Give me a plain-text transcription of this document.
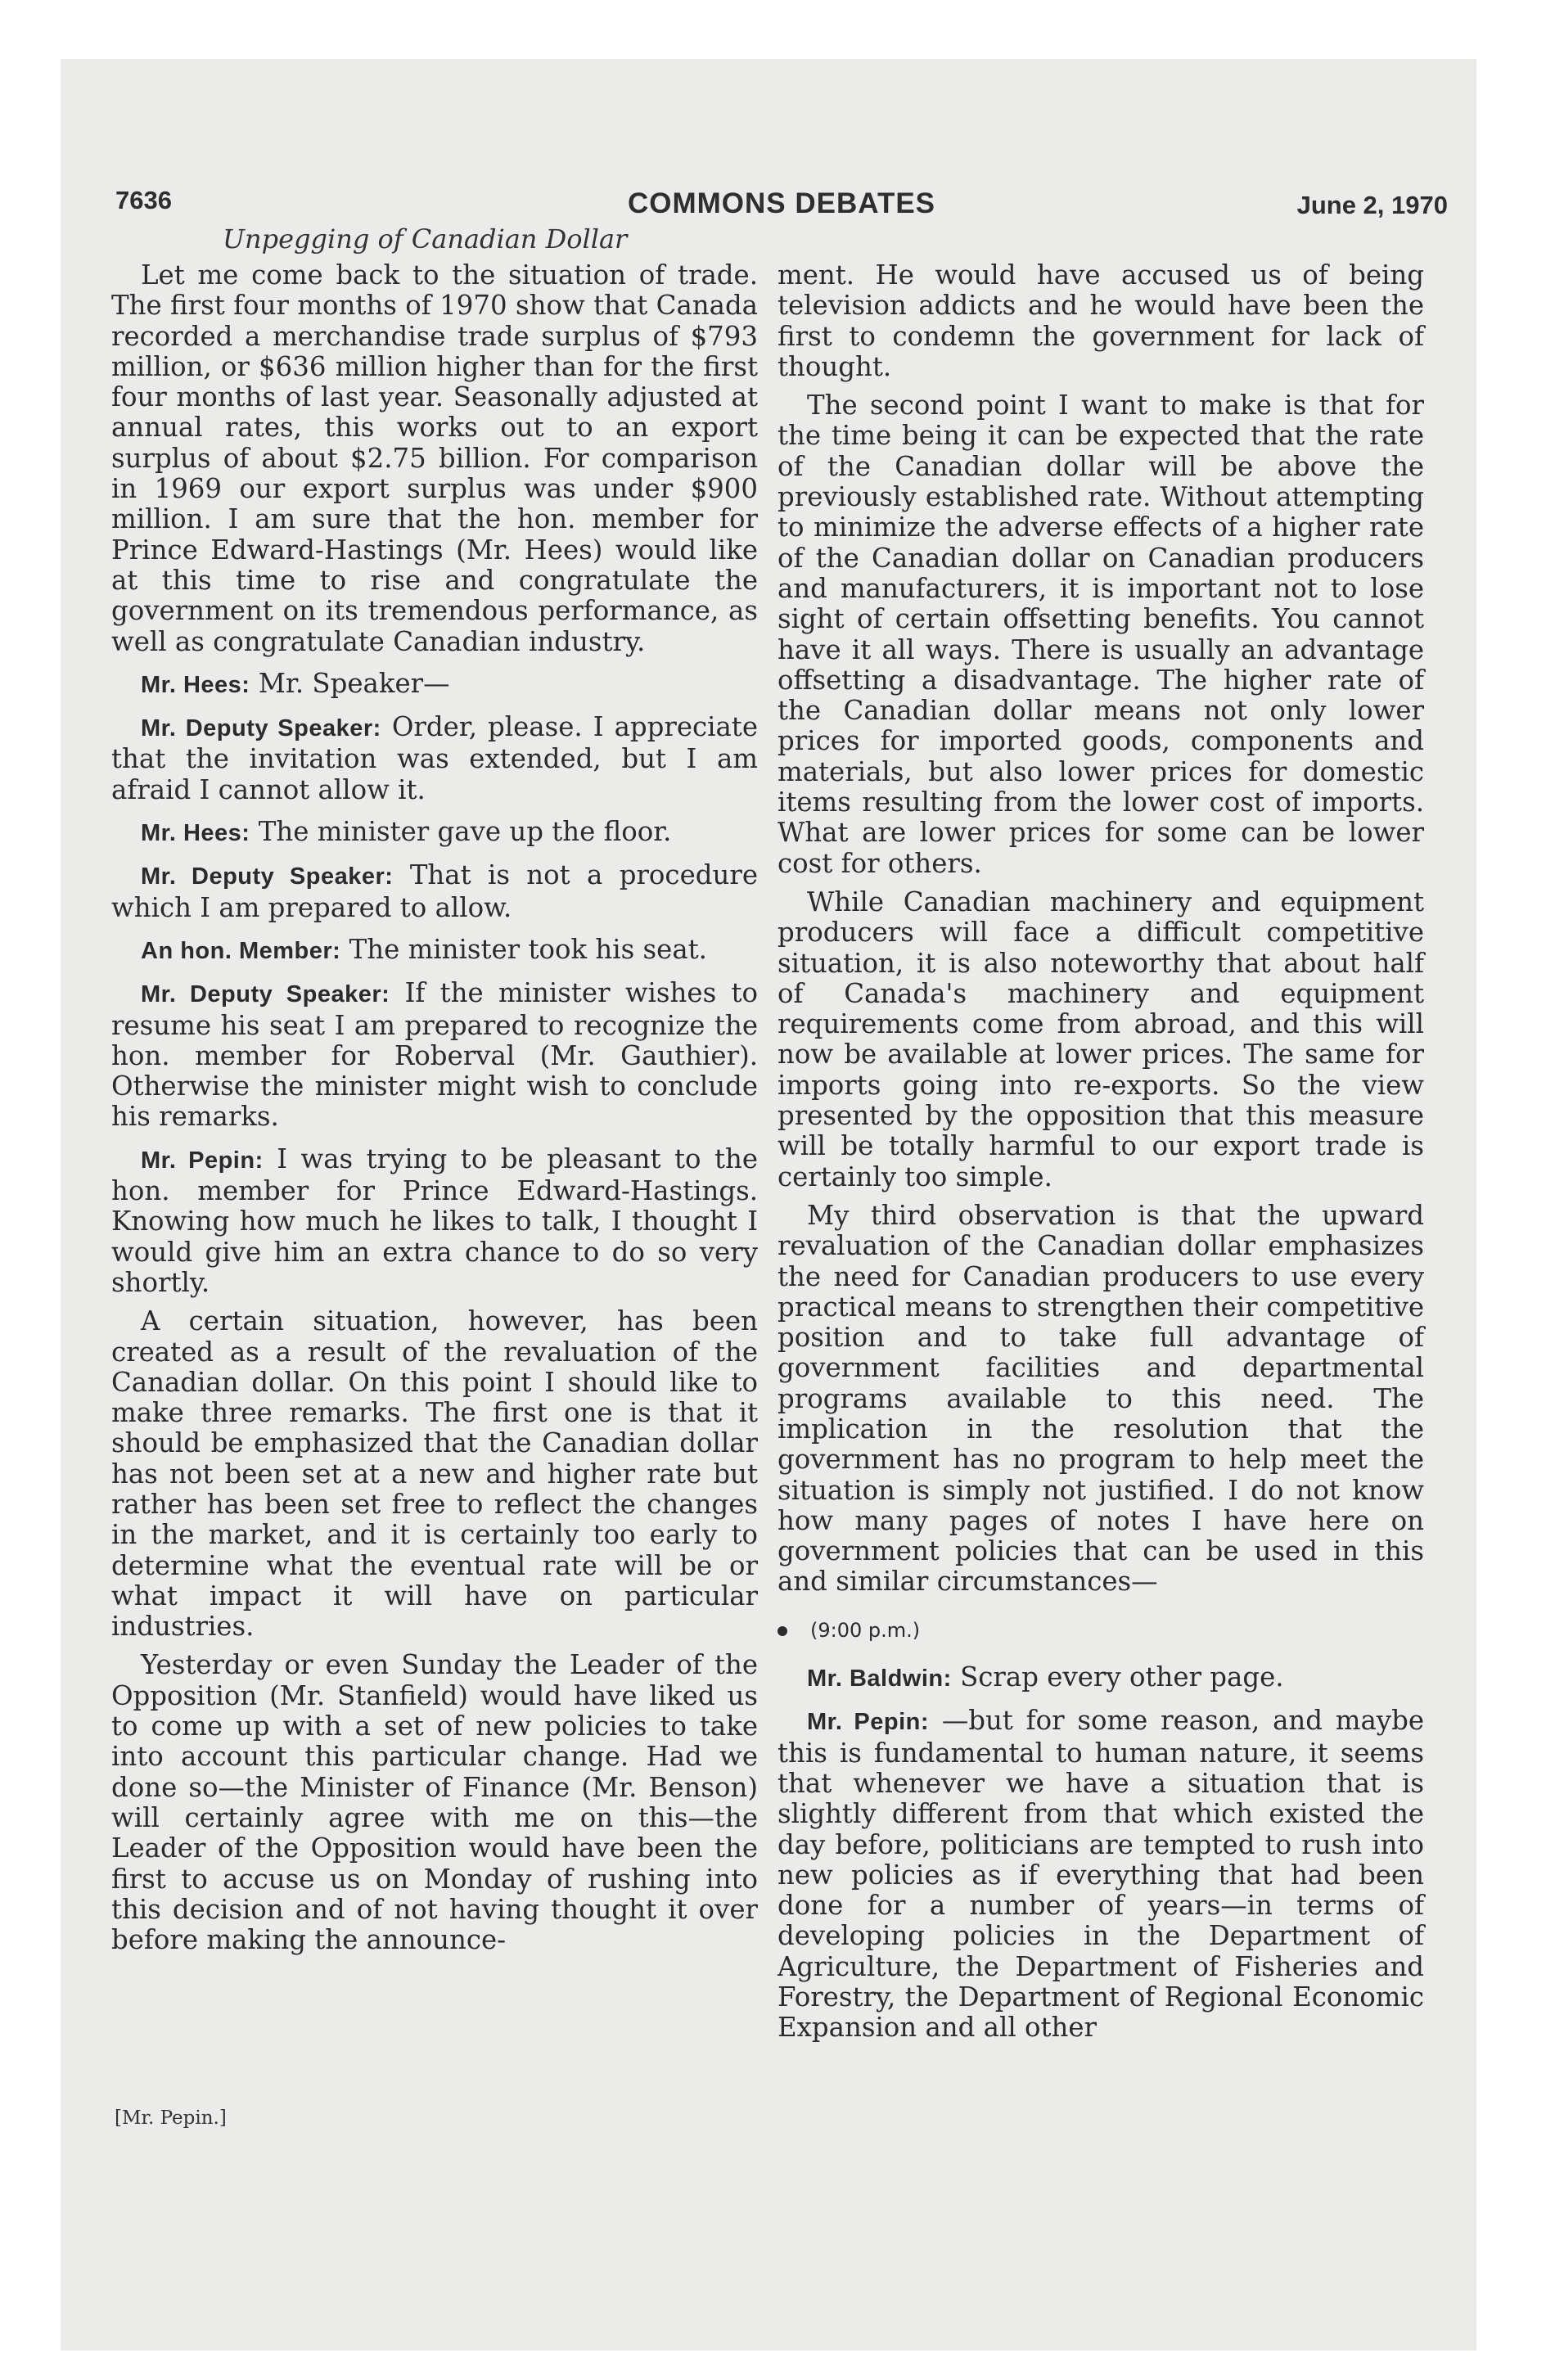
7636	COMMONS DEBATES	June 2, 1970
Unpegging of Canadian Dollar

Let me come back to the situation of trade. The first four months of 1970 show that Canada recorded a merchandise trade surplus of $793 million, or $636 million higher than for the first four months of last year. Seasonally adjusted at annual rates, this works out to an export surplus of about $2.75 billion. For comparison in 1969 our export surplus was under $900 million. I am sure that the hon. member for Prince Edward-Hastings (Mr. Hees) would like at this time to rise and congratulate the government on its tremendous performance, as well as congratulate Canadian industry.

Mr. Hees: Mr. Speaker—

Mr. Deputy Speaker: Order, please. I appreciate that the invitation was extended, but I am afraid I cannot allow it.

Mr. Hees: The minister gave up the floor.

Mr. Deputy Speaker: That is not a procedure which I am prepared to allow.

An hon. Member: The minister took his seat.

Mr. Deputy Speaker: If the minister wishes to resume his seat I am prepared to recognize the hon. member for Roberval (Mr. Gauthier). Otherwise the minister might wish to conclude his remarks.

Mr. Pepin: I was trying to be pleasant to the hon. member for Prince Edward-Hastings. Knowing how much he likes to talk, I thought I would give him an extra chance to do so very shortly.

A certain situation, however, has been created as a result of the revaluation of the Canadian dollar. On this point I should like to make three remarks. The first one is that it should be emphasized that the Canadian dollar has not been set at a new and higher rate but rather has been set free to reflect the changes in the market, and it is certainly too early to determine what the eventual rate will be or what impact it will have on particular industries.

Yesterday or even Sunday the Leader of the Opposition (Mr. Stanfield) would have liked us to come up with a set of new policies to take into account this particular change. Had we done so—the Minister of Finance (Mr. Benson) will certainly agree with me on this—the Leader of the Opposition would have been the first to accuse us on Monday of rushing into this decision and of not having thought it over before making the announce-

ment. He would have accused us of being television addicts and he would have been the first to condemn the government for lack of thought.

The second point I want to make is that for the time being it can be expected that the rate of the Canadian dollar will be above the previously established rate. Without attempting to minimize the adverse effects of a higher rate of the Canadian dollar on Canadian producers and manufacturers, it is important not to lose sight of certain offsetting benefits. You cannot have it all ways. There is usually an advantage offsetting a disadvantage. The higher rate of the Canadian dollar means not only lower prices for imported goods, components and materials, but also lower prices for domestic items resulting from the lower cost of imports. What are lower prices for some can be lower cost for others.

While Canadian machinery and equipment producers will face a difficult competitive situation, it is also noteworthy that about half of Canada's machinery and equipment requirements come from abroad, and this will now be available at lower prices. The same for imports going into re-exports. So the view presented by the opposition that this measure will be totally harmful to our export trade is certainly too simple.

My third observation is that the upward revaluation of the Canadian dollar emphasizes the need for Canadian producers to use every practical means to strengthen their competitive position and to take full advantage of government facilities and departmental programs available to this need. The implication in the resolution that the government has no program to help meet the situation is simply not justified. I do not know how many pages of notes I have here on government policies that can be used in this and similar circumstances—

(9:00 p.m.)

Mr. Baldwin: Scrap every other page.

Mr. Pepin: —but for some reason, and maybe this is fundamental to human nature, it seems that whenever we have a situation that is slightly different from that which existed the day before, politicians are tempted to rush into new policies as if everything that had been done for a number of years—in terms of developing policies in the Department of Agriculture, the Department of Fisheries and Forestry, the Department of Regional Economic Expansion and all other

[Mr. Pepin.]
